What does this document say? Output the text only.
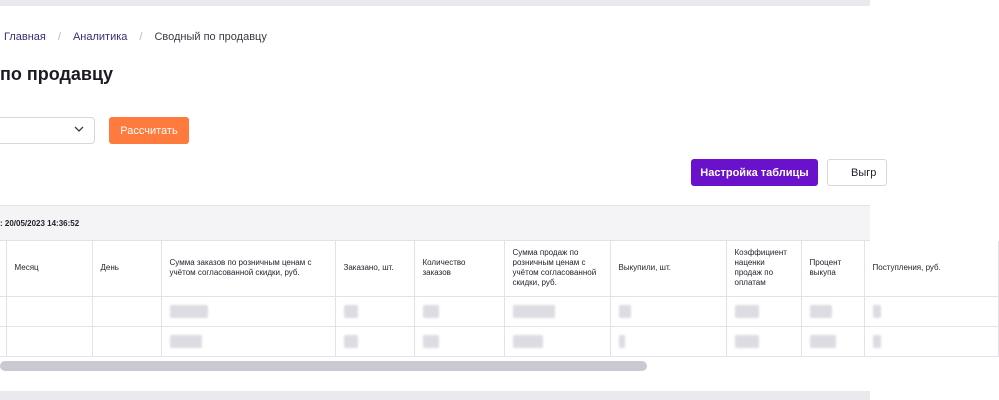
Главная / Аналитика / Сводный по продавцу
по продавцу
Рассчитать
Настройка таблицы	Выгр
: 20/05/2023 14:36:52
	Месяц	День	Сумма заказов по розничным ценам с учётом согласованной скидки, руб.	Заказано, шт.	Количество заказов	Сумма продаж по розничным ценам с учётом согласованной скидки, руб.	Выкупили, шт.	Коэффициент наценки продаж по оплатам	Процент выкупа	Поступления, руб.
